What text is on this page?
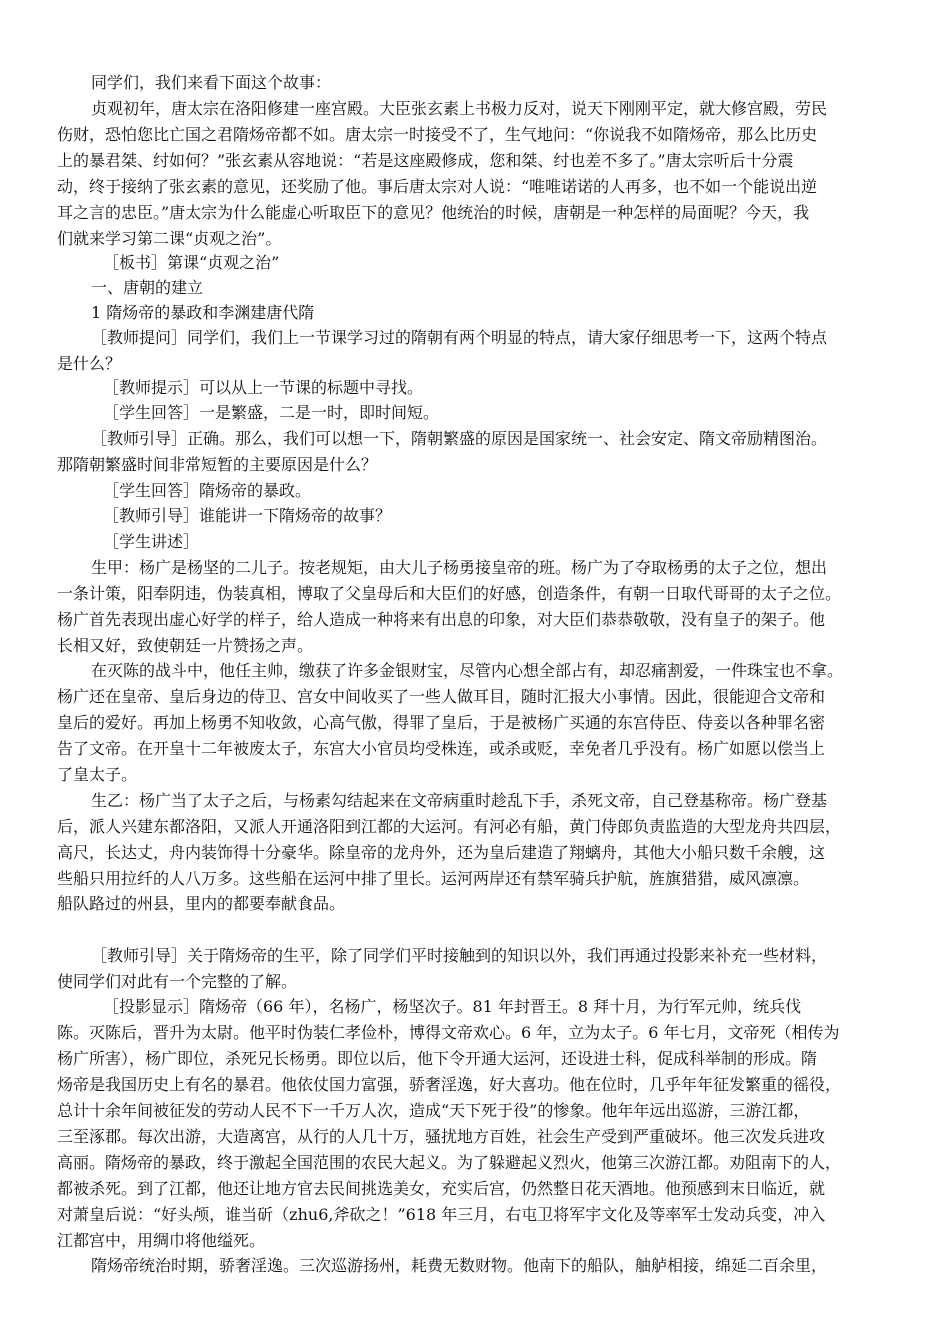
同学们，我们来看下面这个故事：
贞观初年，唐太宗在洛阳修建一座宫殿。大臣张玄素上书极力反对，说天下刚刚平定，就大修宫殿，劳民
伤财，恐怕您比亡国之君隋炀帝都不如。唐太宗一时接受不了，生气地问：“你说我不如隋炀帝，那么比历史
上的暴君桀、纣如何？”张玄素从容地说：“若是这座殿修成，您和桀、纣也差不多了。”唐太宗听后十分震
动，终于接纳了张玄素的意见，还奖励了他。事后唐太宗对人说：“唯唯诺诺的人再多，也不如一个能说出逆
耳之言的忠臣。”唐太宗为什么能虚心听取臣下的意见？他统治的时候，唐朝是一种怎样的局面呢？今天，我
们就来学习第二课“贞观之治”。
［板书］第课“贞观之治”
一、唐朝的建立
1 隋炀帝的暴政和李渊建唐代隋
［教师提问］同学们，我们上一节课学习过的隋朝有两个明显的特点，请大家仔细思考一下，这两个特点
是什么？
［教师提示］可以从上一节课的标题中寻找。
［学生回答］一是繁盛，二是一时，即时间短。
［教师引导］正确。那么，我们可以想一下，隋朝繁盛的原因是国家统一、社会安定、隋文帝励精图治。
那隋朝繁盛时间非常短暂的主要原因是什么？
［学生回答］隋炀帝的暴政。
［教师引导］谁能讲一下隋炀帝的故事？
［学生讲述］
生甲：杨广是杨坚的二儿子。按老规矩，由大儿子杨勇接皇帝的班。杨广为了夺取杨勇的太子之位，想出
一条计策，阳奉阴违，伪装真相，博取了父皇母后和大臣们的好感，创造条件，有朝一日取代哥哥的太子之位。
杨广首先表现出虚心好学的样子，给人造成一种将来有出息的印象，对大臣们恭恭敬敬，没有皇子的架子。他
长相又好，致使朝廷一片赞扬之声。
在灭陈的战斗中，他任主帅，缴获了许多金银财宝，尽管内心想全部占有，却忍痛割爱，一件珠宝也不拿。
杨广还在皇帝、皇后身边的侍卫、宫女中间收买了一些人做耳目，随时汇报大小事情。因此，很能迎合文帝和
皇后的爱好。再加上杨勇不知收敛，心高气傲，得罪了皇后，于是被杨广买通的东宫侍臣、侍妾以各种罪名密
告了文帝。在开皇十二年被废太子，东宫大小官员均受株连，或杀或贬，幸免者几乎没有。杨广如愿以偿当上
了皇太子。
生乙：杨广当了太子之后，与杨素勾结起来在文帝病重时趁乱下手，杀死文帝，自己登基称帝。杨广登基
后，派人兴建东都洛阳，又派人开通洛阳到江都的大运河。有河必有船，黄门侍郎负责监造的大型龙舟共四层，
高尺，长达丈，舟内装饰得十分豪华。除皇帝的龙舟外，还为皇后建造了翔螭舟，其他大小船只数千余艘，这
些船只用拉纤的人八万多。这些船在运河中排了里长。运河两岸还有禁军骑兵护航，旌旗猎猎，威风凛凛。
船队路过的州县，里内的都要奉献食品。
［教师引导］关于隋炀帝的生平，除了同学们平时接触到的知识以外，我们再通过投影来补充一些材料，
使同学们对此有一个完整的了解。
［投影显示］隋炀帝（66 年），名杨广，杨坚次子。81 年封晋王。8 拜十月，为行军元帅，统兵伐
陈。灭陈后，晋升为太尉。他平时伪装仁孝俭朴，博得文帝欢心。6 年，立为太子。6 年七月，文帝死（相传为
杨广所害），杨广即位，杀死兄长杨勇。即位以后，他下令开通大运河，还设进士科，促成科举制的形成。隋
炀帝是我国历史上有名的暴君。他依仗国力富强，骄奢淫逸，好大喜功。他在位时，几乎年年征发繁重的徭役，
总计十余年间被征发的劳动人民不下一千万人次，造成“天下死于役”的惨象。他年年远出巡游，三游江都，
三至涿郡。每次出游，大造离宫，从行的人几十万，骚扰地方百姓，社会生产受到严重破坏。他三次发兵进攻
高丽。隋炀帝的暴政，终于激起全国范围的农民大起义。为了躲避起义烈火，他第三次游江都。劝阻南下的人，
都被杀死。到了江都，他还让地方官去民间挑选美女，充实后宫，仍然整日花天酒地。他预感到末日临近，就
对萧皇后说：“好头颅，谁当斫（zhu6,斧砍之！”618 年三月，右屯卫将军宇文化及等率军士发动兵变，冲入
江都宫中，用绸巾将他缢死。
隋炀帝统治时期，骄奢淫逸。三次巡游扬州，耗费无数财物。他南下的船队，舳舻相接，绵延二百余里，
